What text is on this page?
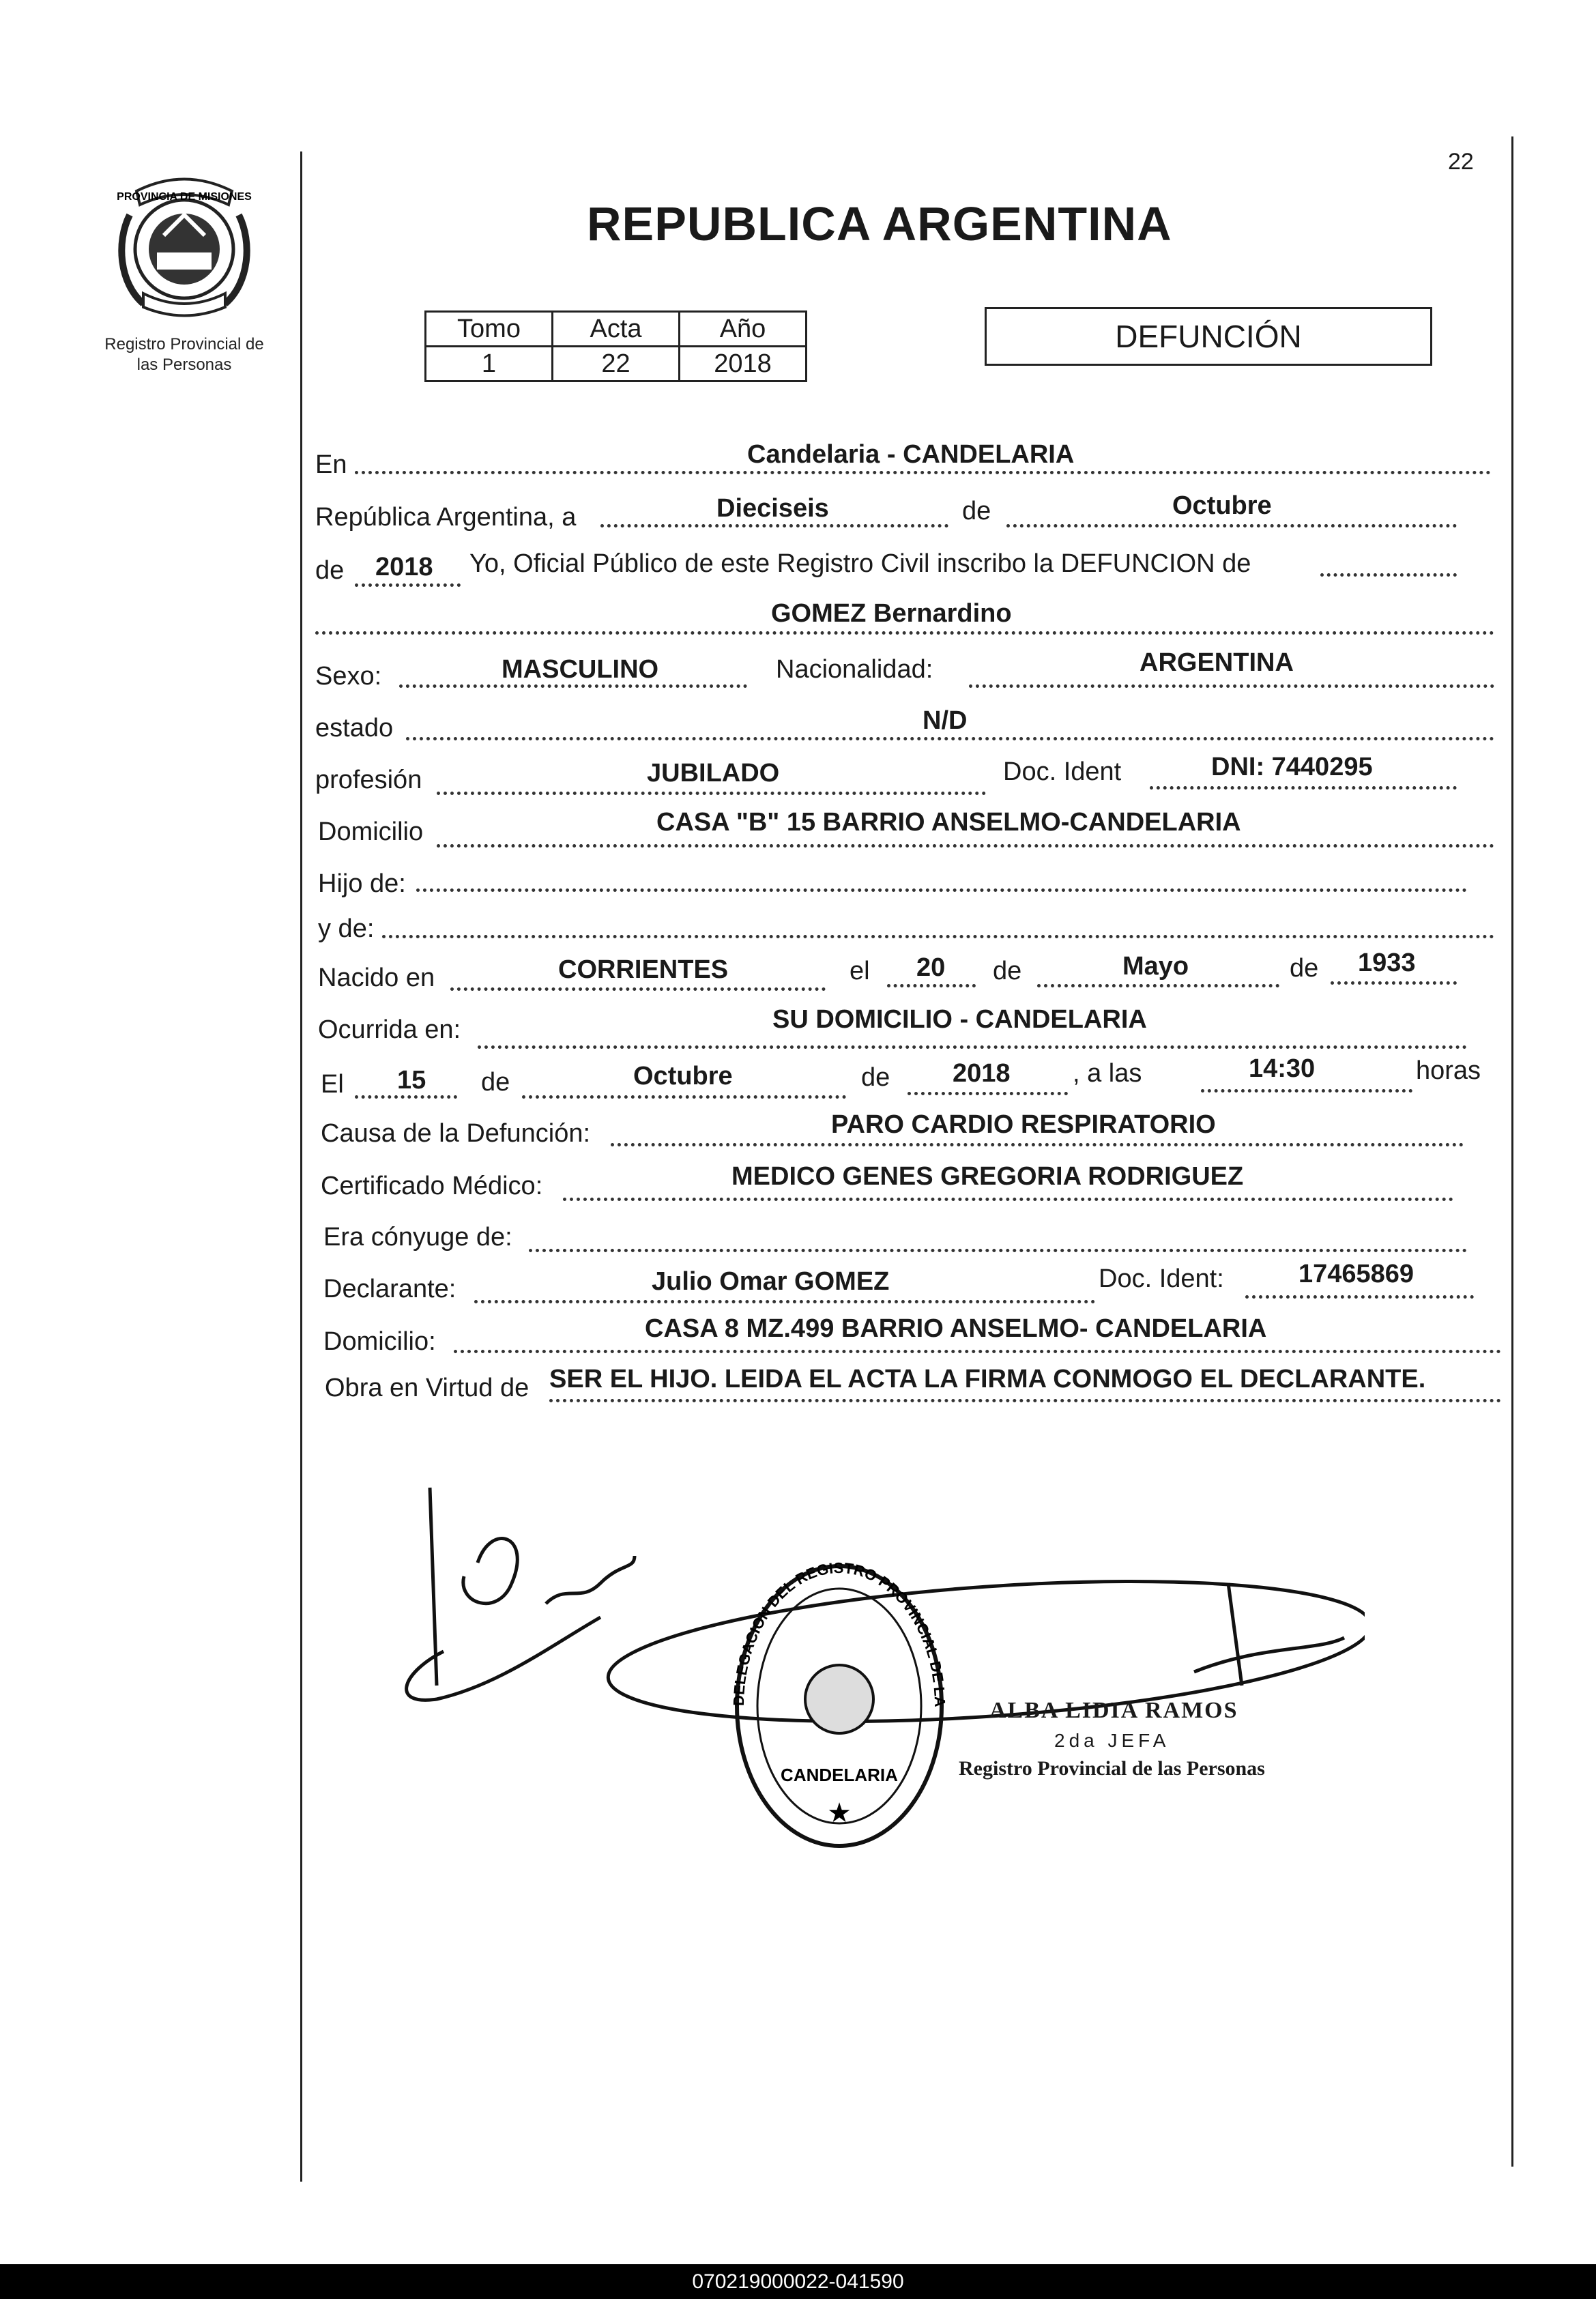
PROVINCIA DE MISIONES
Registro Provincial de
las Personas
22
REPUBLICA ARGENTINA
Tomo	Acta	Año
1	22	2018
DEFUNCIÓN
En	Candelaria - CANDELARIA
República Argentina, a	Dieciseis	de	Octubre
de 2018 Yo, Oficial Público de este Registro Civil inscribo la DEFUNCION de
GOMEZ Bernardino
Sexo:	MASCULINO	Nacionalidad:	ARGENTINA
estado	N/D
profesión	JUBILADO	Doc. Ident	DNI: 7440295
Domicilio	CASA "B" 15 BARRIO ANSELMO-CANDELARIA
Hijo de:
y de:
Nacido en	CORRIENTES	el 20 de	Mayo	de 1933
Ocurrida en:	SU DOMICILIO - CANDELARIA
El 15 de	Octubre	de 2018 , a las	14:30	horas
Causa de la Defunción:	PARO CARDIO RESPIRATORIO
Certificado Médico:	MEDICO GENES GREGORIA RODRIGUEZ
Era cónyuge de:
Declarante:	Julio Omar GOMEZ	Doc. Ident:	17465869
Domicilio:	CASA 8 MZ.499 BARRIO ANSELMO- CANDELARIA
Obra en Virtud de SER EL HIJO. LEIDA EL ACTA LA FIRMA CONMOGO EL DECLARANTE.
CANDELARIA
★
DELEGACION DEL REGISTRO PROVINCIAL DE LA ALBA LIDIA RAMOS
2da JEFA
Registro Provincial de las Personas
070219000022-041590
